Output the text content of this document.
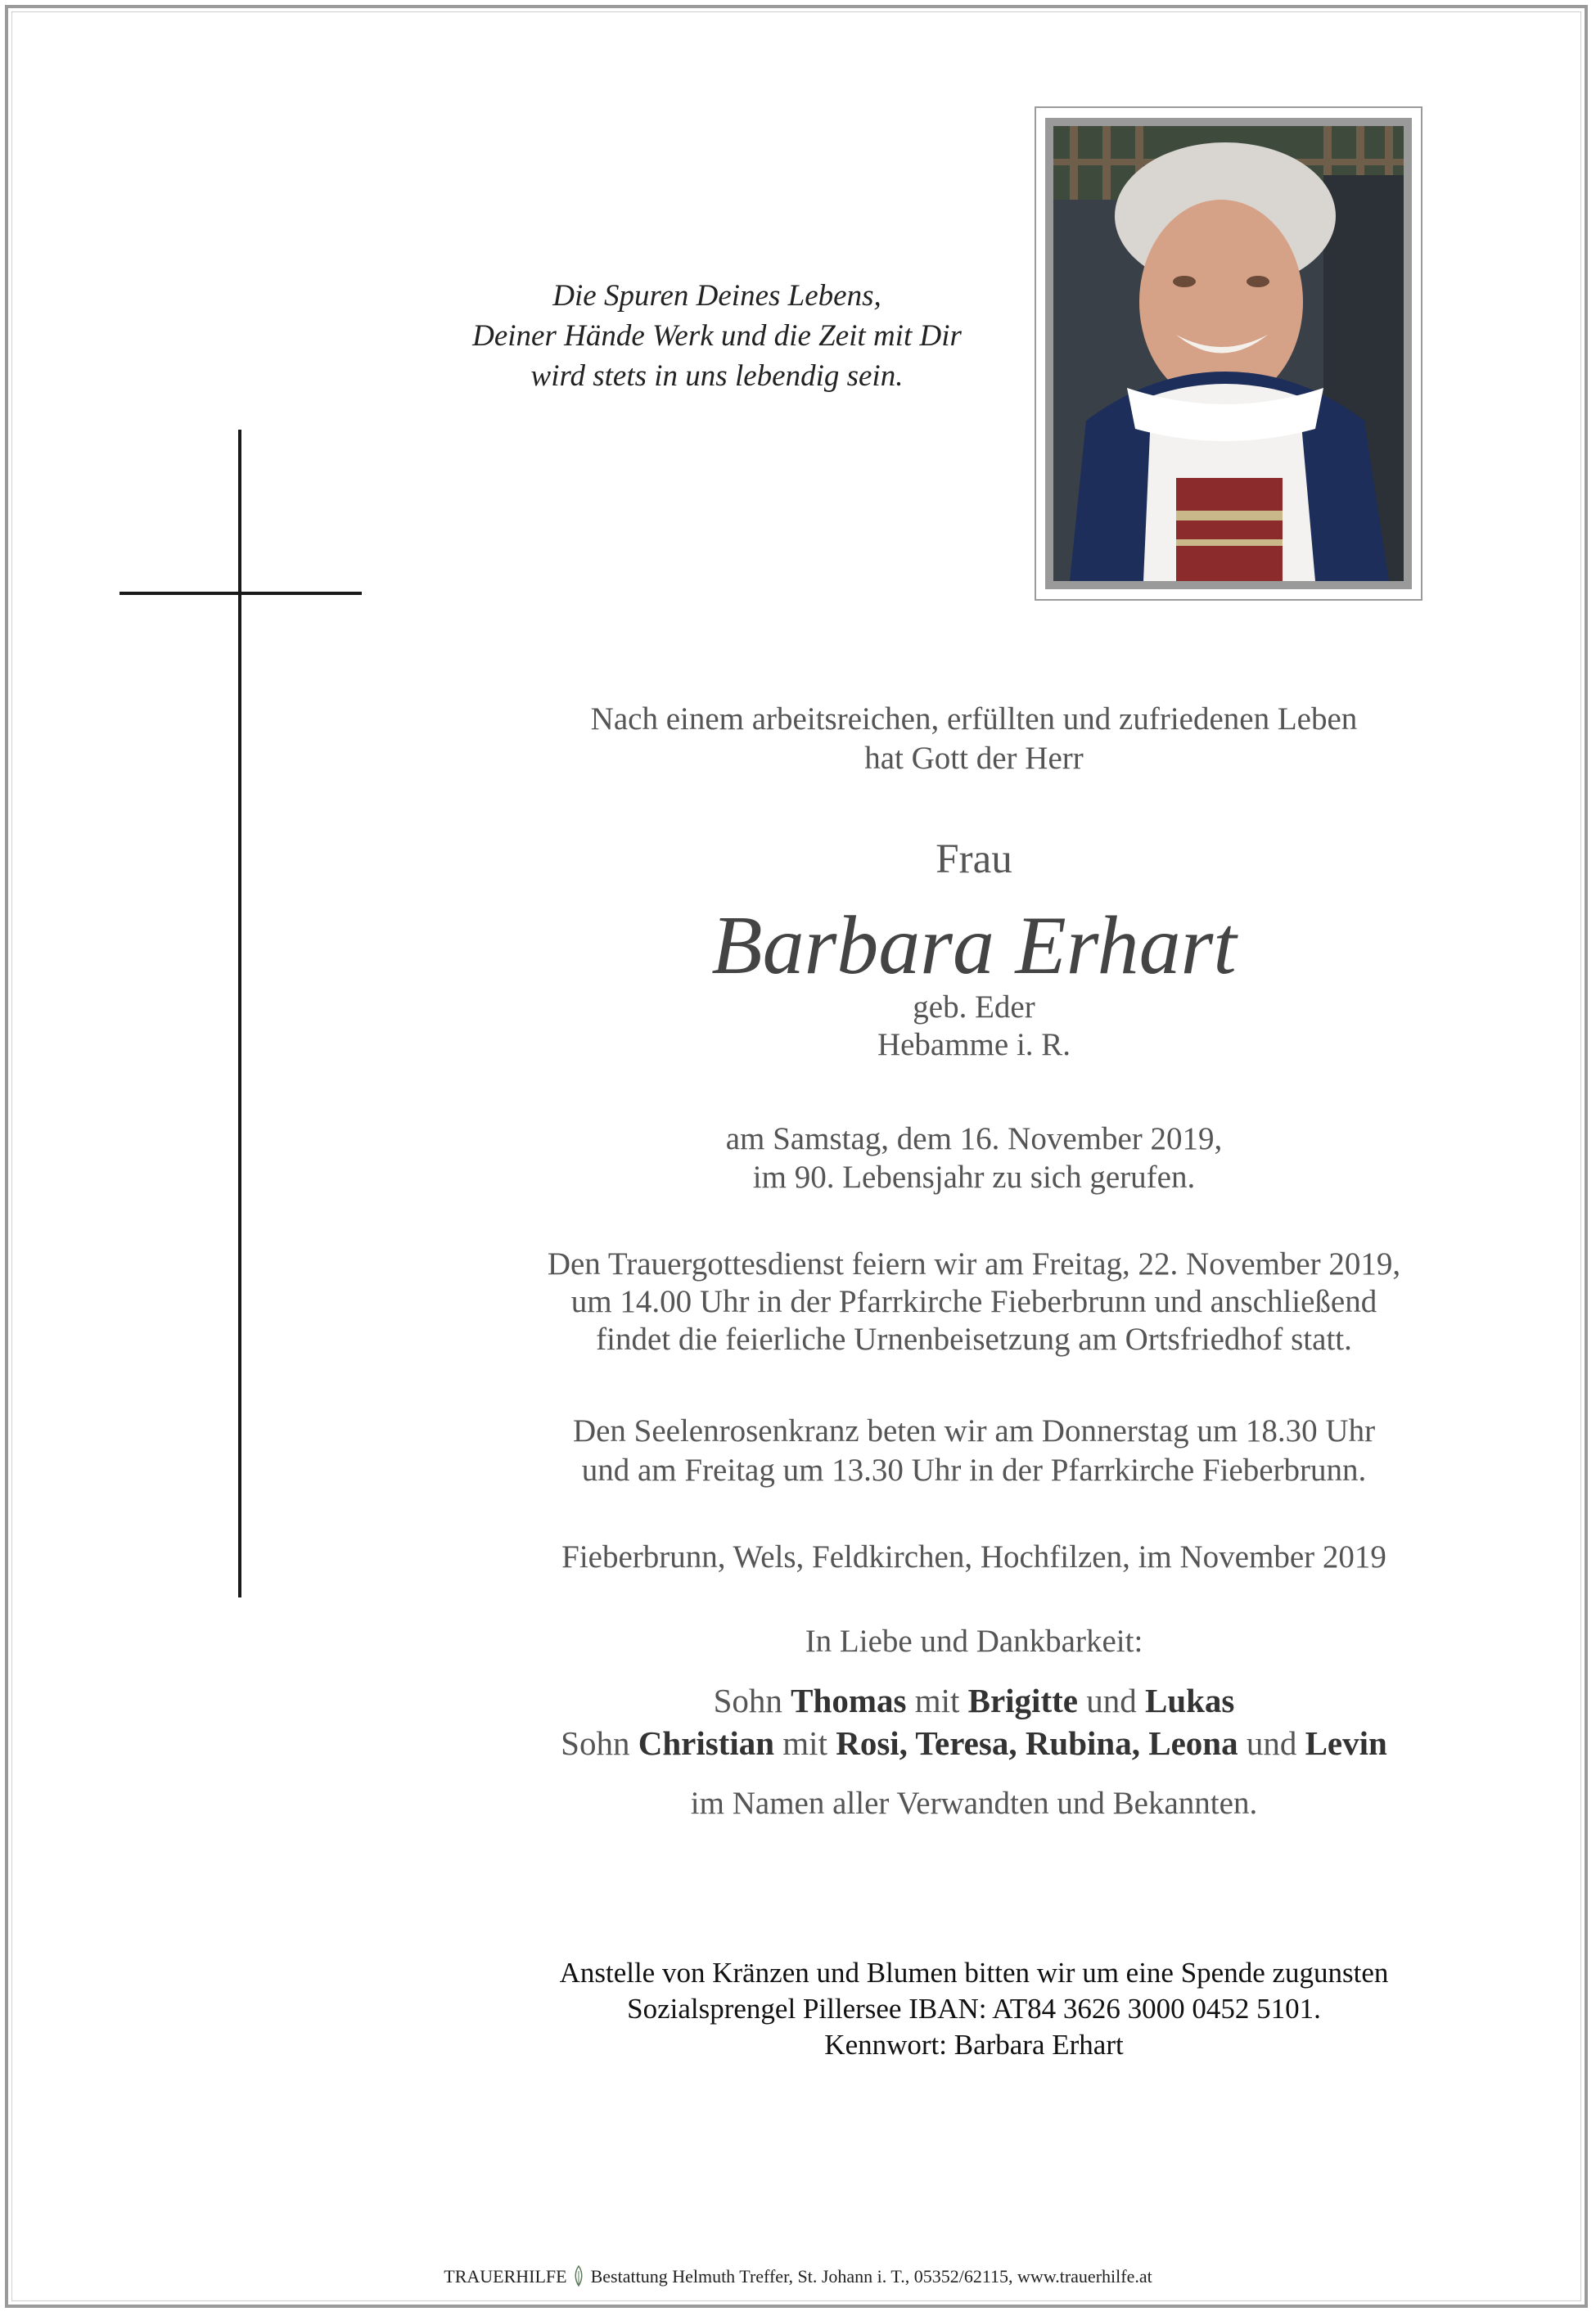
Die Spuren Deines Lebens,
Deiner Hände Werk und die Zeit mit Dir
wird stets in uns lebendig sein.
Nach einem arbeitsreichen, erfüllten und zufriedenen Leben
hat Gott der Herr
Frau
Barbara Erhart
geb. Eder
Hebamme i. R.
am Samstag, dem 16. November 2019,
im 90. Lebensjahr zu sich gerufen.
Den Trauergottesdienst feiern wir am Freitag, 22. November 2019,
um 14.00 Uhr in der Pfarrkirche Fieberbrunn und anschließend
findet die feierliche Urnenbeisetzung am Ortsfriedhof statt.
Den Seelenrosenkranz beten wir am Donnerstag um 18.30 Uhr
und am Freitag um 13.30 Uhr in der Pfarrkirche Fieberbrunn.
Fieberbrunn, Wels, Feldkirchen, Hochfilzen, im November 2019
In Liebe und Dankbarkeit:
Sohn Thomas mit Brigitte und Lukas
Sohn Christian mit Rosi, Teresa, Rubina, Leona und Levin
im Namen aller Verwandten und Bekannten.
Anstelle von Kränzen und Blumen bitten wir um eine Spende zugunsten
Sozialsprengel Pillersee IBAN: AT84 3626 3000 0452 5101.
Kennwort: Barbara Erhart
TRAUERHILFE Bestattung Helmuth Treffer, St. Johann i. T., 05352/62115, www.trauerhilfe.at
